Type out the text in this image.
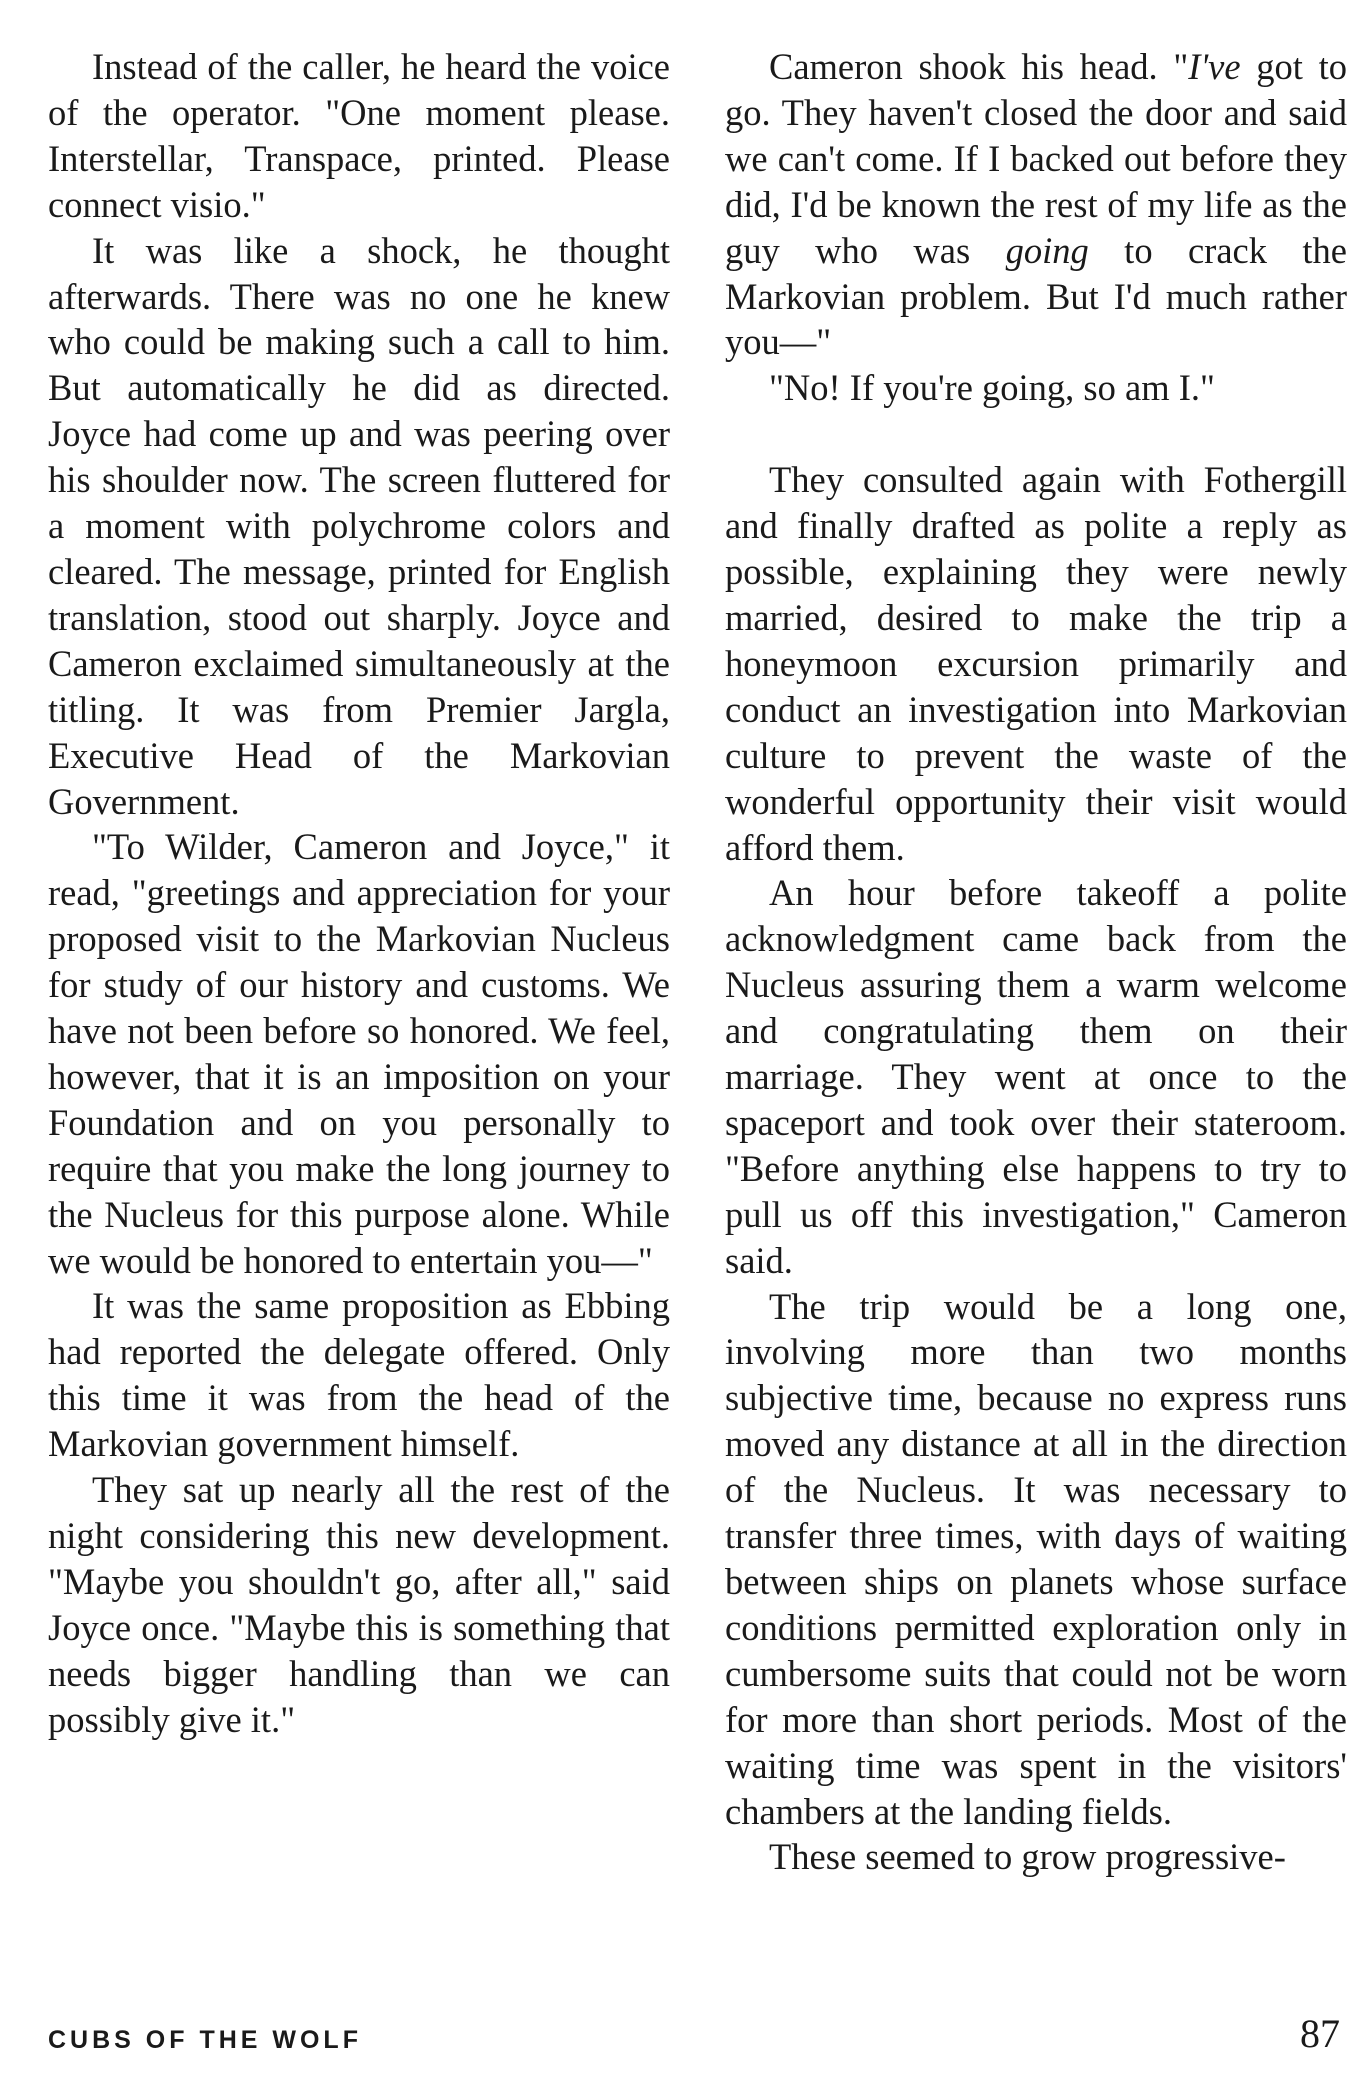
Instead of the caller, he heard the voice of the operator. "One moment please. Interstellar, Transpace, printed. Please connect visio."

It was like a shock, he thought afterwards. There was no one he knew who could be making such a call to him. But automatically he did as directed. Joyce had come up and was peering over his shoulder now. The screen fluttered for a moment with polychrome colors and cleared. The message, printed for English translation, stood out sharply. Joyce and Cameron exclaimed simultaneously at the titling. It was from Premier Jargla, Executive Head of the Markovian Government.

"To Wilder, Cameron and Joyce," it read, "greetings and appreciation for your proposed visit to the Markovian Nucleus for study of our history and customs. We have not been before so honored. We feel, however, that it is an imposition on your Foundation and on you personally to require that you make the long journey to the Nucleus for this purpose alone. While we would be honored to entertain you—"

It was the same proposition as Ebbing had reported the delegate offered. Only this time it was from the head of the Markovian government himself.

They sat up nearly all the rest of the night considering this new development. "Maybe you shouldn't go, after all," said Joyce once. "Maybe this is something that needs bigger handling than we can possibly give it."

Cameron shook his head. "I've got to go. They haven't closed the door and said we can't come. If I backed out before they did, I'd be known the rest of my life as the guy who was going to crack the Markovian problem. But I'd much rather you—"

"No! If you're going, so am I."

They consulted again with Fothergill and finally drafted as polite a reply as possible, explaining they were newly married, desired to make the trip a honeymoon excursion primarily and conduct an investigation into Markovian culture to prevent the waste of the wonderful opportunity their visit would afford them.

An hour before takeoff a polite acknowledgment came back from the Nucleus assuring them a warm welcome and congratulating them on their marriage. They went at once to the spaceport and took over their stateroom. "Before anything else happens to try to pull us off this investigation," Cameron said.

The trip would be a long one, involving more than two months subjective time, because no express runs moved any distance at all in the direction of the Nucleus. It was necessary to transfer three times, with days of waiting between ships on planets whose surface conditions permitted exploration only in cumbersome suits that could not be worn for more than short periods. Most of the waiting time was spent in the visitors' chambers at the landing fields.

These seemed to grow progressive-

CUBS OF THE WOLF	87
